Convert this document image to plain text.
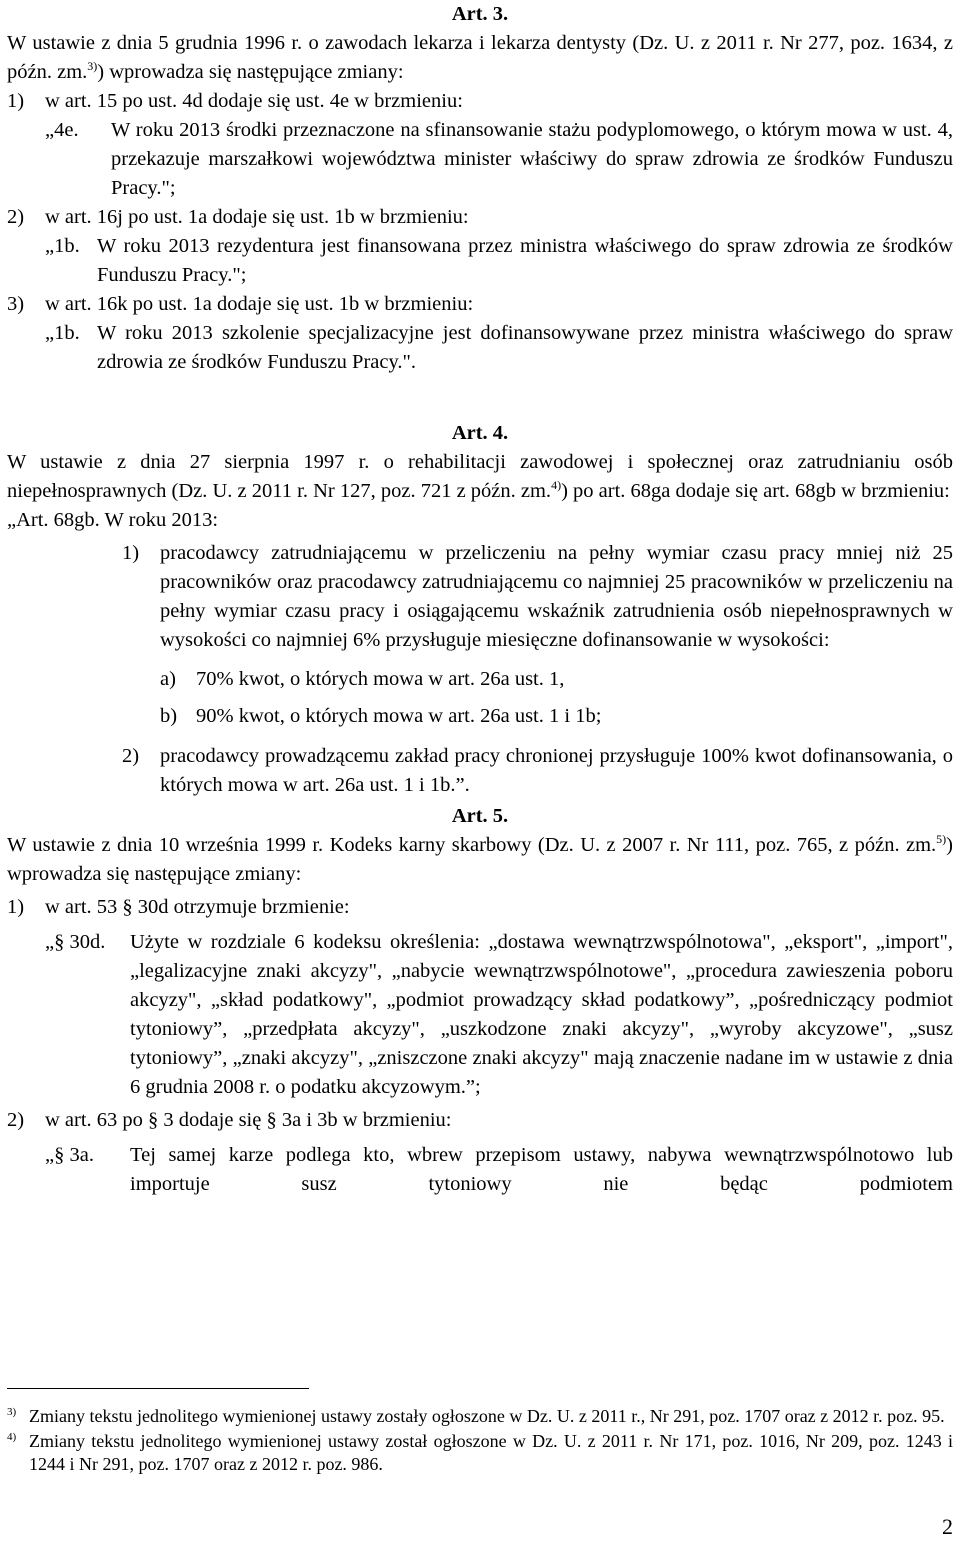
Art. 3.

W ustawie z dnia 5 grudnia 1996 r. o zawodach lekarza i lekarza dentysty (Dz. U. z 2011 r. Nr 277, poz. 1634, z późn. zm.$^{3)}$) wprowadza się następujące zmiany:

1)	w art. 15 po ust. 4d dodaje się ust. 4e w brzmieniu:
„4e.	W roku 2013 środki przeznaczone na sfinansowanie stażu podyplomowego, o którym mowa w ust. 4, przekazuje marszałkowi województwa minister właściwy do spraw zdrowia ze środków Funduszu Pracy.";
2)	w art. 16j po ust. 1a dodaje się ust. 1b w brzmieniu:
„1b. W roku 2013 rezydentura jest finansowana przez ministra właściwego do spraw zdrowia ze środków Funduszu Pracy.";
3)	w art. 16k po ust. 1a dodaje się ust. 1b w brzmieniu:
„1b. W roku 2013 szkolenie specjalizacyjne jest dofinansowywane przez ministra właściwego do spraw zdrowia ze środków Funduszu Pracy.".

Art. 4.

W ustawie z dnia 27 sierpnia 1997 r. o rehabilitacji zawodowej i społecznej oraz zatrudnianiu osób niepełnosprawnych (Dz. U. z 2011 r. Nr 127, poz. 721 z późn. zm.$^{4)}$) po art. 68ga dodaje się art. 68gb w brzmieniu:

„Art. 68gb. W roku 2013:

1)	pracodawcy zatrudniającemu w przeliczeniu na pełny wymiar czasu pracy mniej niż 25 pracowników oraz pracodawcy zatrudniającemu co najmniej 25 pracowników w przeliczeniu na pełny wymiar czasu pracy i osiągającemu wskaźnik zatrudnienia osób niepełnosprawnych w wysokości co najmniej 6% przysługuje miesięczne dofinansowanie w wysokości:
a) 70% kwot, o których mowa w art. 26a ust. 1,
b) 90% kwot, o których mowa w art. 26a ust. 1 i 1b;
2)	pracodawcy prowadzącemu zakład pracy chronionej przysługuje 100% kwot dofinansowania, o których mowa w art. 26a ust. 1 i 1b.”.

Art. 5.

W ustawie z dnia 10 września 1999 r. Kodeks karny skarbowy (Dz. U. z 2007 r. Nr 111, poz. 765, z późn. zm.$^{5)}$) wprowadza się następujące zmiany:

1)	w art. 53 § 30d otrzymuje brzmienie:
„§ 30d.	Użyte w rozdziale 6 kodeksu określenia: „dostawa wewnątrzwspólnotowa", „eksport", „import", „legalizacyjne znaki akcyzy", „nabycie wewnątrzwspólnotowe", „procedura zawieszenia poboru akcyzy", „skład podatkowy", „podmiot prowadzący skład podatkowy”, „pośredniczący podmiot tytoniowy”, „przedpłata akcyzy", „uszkodzone znaki akcyzy", „wyroby akcyzowe", „susz tytoniowy”, „znaki akcyzy", „zniszczone znaki akcyzy" mają znaczenie nadane im w ustawie z dnia 6 grudnia 2008 r. o podatku akcyzowym.”;
2)	w art. 63 po § 3 dodaje się § 3a i 3b w brzmieniu:
„§ 3a.	Tej samej karze podlega kto, wbrew przepisom ustawy, nabywa wewnątrzwspólnotowo lub importuje susz tytoniowy nie będąc podmiotem
3) Zmiany tekstu jednolitego wymienionej ustawy zostały ogłoszone w Dz. U. z 2011 r., Nr 291, poz. 1707 oraz z 2012 r. poz. 95.
4) Zmiany tekstu jednolitego wymienionej ustawy został ogłoszone w Dz. U. z 2011 r. Nr 171, poz. 1016, Nr 209, poz. 1243 i 1244 i Nr 291, poz. 1707 oraz z 2012 r. poz. 986.
2
